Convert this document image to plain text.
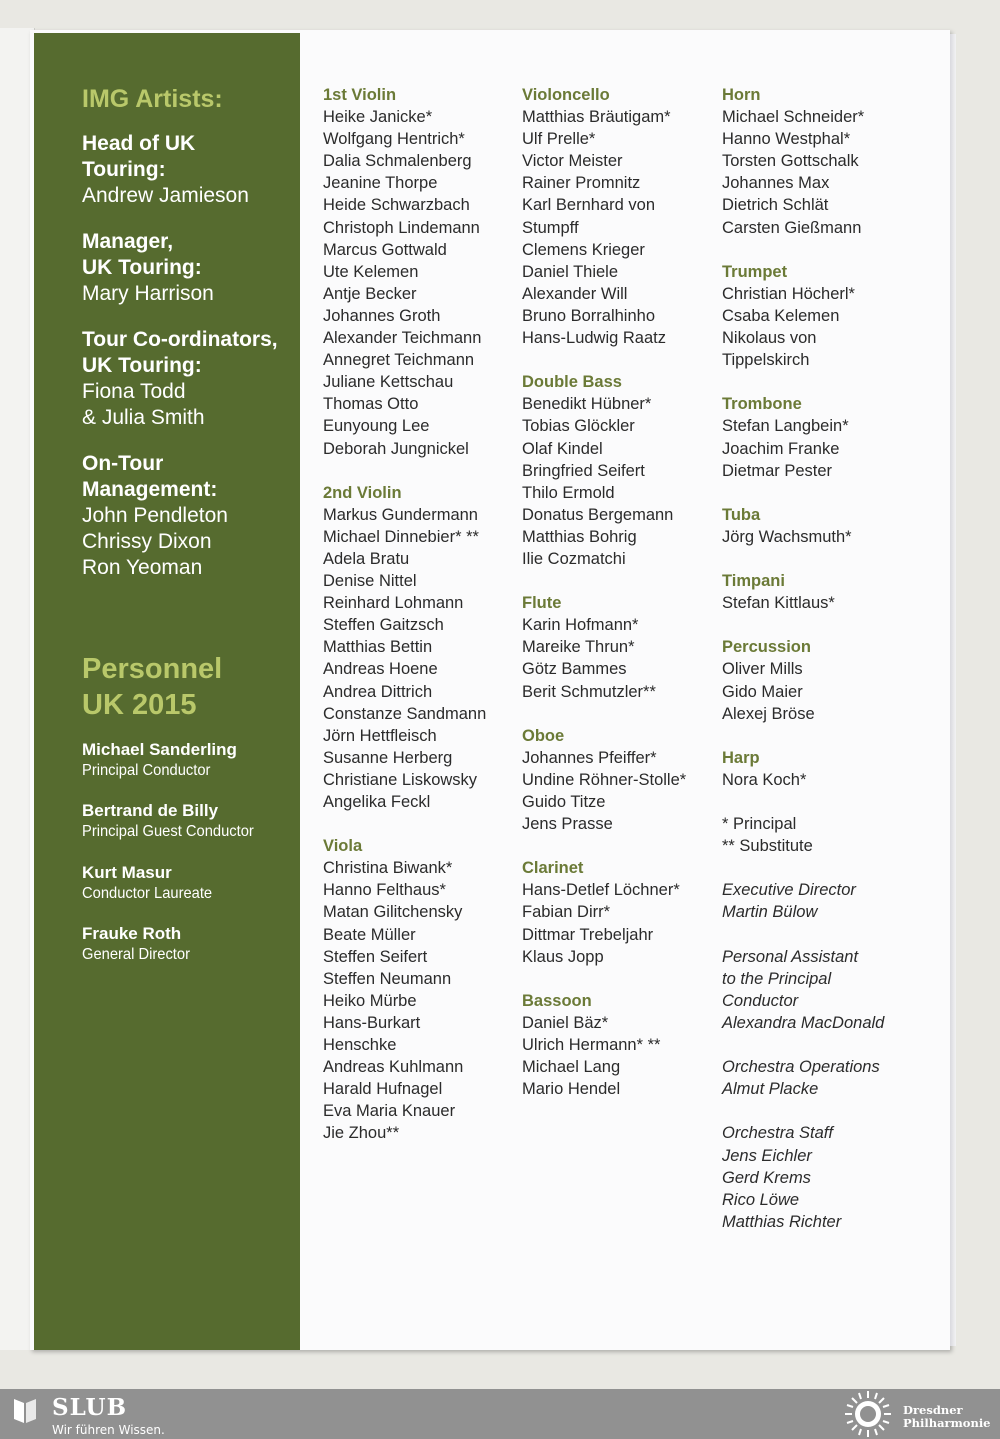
IMG Artists:
Head of UK
Touring:
Andrew Jamieson
Manager,
UK Touring:
Mary Harrison
Tour Co-ordinators,
UK Touring:
Fiona Todd
& Julia Smith
On-Tour
Management:
John Pendleton
Chrissy Dixon
Ron Yeoman
Personnel
UK 2015
Michael Sanderling
Principal Conductor
Bertrand de Billy
Principal Guest Conductor
Kurt Masur
Conductor Laureate
Frauke Roth
General Director
1st Violin
Heike Janicke*
Wolfgang Hentrich*
Dalia Schmalenberg
Jeanine Thorpe
Heide Schwarzbach
Christoph Lindemann
Marcus Gottwald
Ute Kelemen
Antje Becker
Johannes Groth
Alexander Teichmann
Annegret Teichmann
Juliane Kettschau
Thomas Otto
Eunyoung Lee
Deborah Jungnickel
2nd Violin
Markus Gundermann
Michael Dinnebier* **
Adela Bratu
Denise Nittel
Reinhard Lohmann
Steffen Gaitzsch
Matthias Bettin
Andreas Hoene
Andrea Dittrich
Constanze Sandmann
Jörn Hettfleisch
Susanne Herberg
Christiane Liskowsky
Angelika Feckl
Viola
Christina Biwank*
Hanno Felthaus*
Matan Gilitchensky
Beate Müller
Steffen Seifert
Steffen Neumann
Heiko Mürbe
Hans-Burkart
Henschke
Andreas Kuhlmann
Harald Hufnagel
Eva Maria Knauer
Jie Zhou**
Violoncello
Matthias Bräutigam*
Ulf Prelle*
Victor Meister
Rainer Promnitz
Karl Bernhard von
Stumpff
Clemens Krieger
Daniel Thiele
Alexander Will
Bruno Borralhinho
Hans-Ludwig Raatz
Double Bass
Benedikt Hübner*
Tobias Glöckler
Olaf Kindel
Bringfried Seifert
Thilo Ermold
Donatus Bergemann
Matthias Bohrig
Ilie Cozmatchi
Flute
Karin Hofmann*
Mareike Thrun*
Götz Bammes
Berit Schmutzler**
Oboe
Johannes Pfeiffer*
Undine Röhner-Stolle*
Guido Titze
Jens Prasse
Clarinet
Hans-Detlef Löchner*
Fabian Dirr*
Dittmar Trebeljahr
Klaus Jopp
Bassoon
Daniel Bäz*
Ulrich Hermann* **
Michael Lang
Mario Hendel
Horn
Michael Schneider*
Hanno Westphal*
Torsten Gottschalk
Johannes Max
Dietrich Schlät
Carsten Gießmann
Trumpet
Christian Höcherl*
Csaba Kelemen
Nikolaus von
Tippelskirch
Trombone
Stefan Langbein*
Joachim Franke
Dietmar Pester
Tuba
Jörg Wachsmuth*
Timpani
Stefan Kittlaus*
Percussion
Oliver Mills
Gido Maier
Alexej Bröse
Harp
Nora Koch*
* Principal
** Substitute
Executive Director
Martin Bülow
Personal Assistant
to the Principal
Conductor
Alexandra MacDonald
Orchestra Operations
Almut Placke
Orchestra Staff
Jens Eichler
Gerd Krems
Rico Löwe
Matthias Richter
SLUB
Wir führen Wissen.
Dresdner
Philharmonie
